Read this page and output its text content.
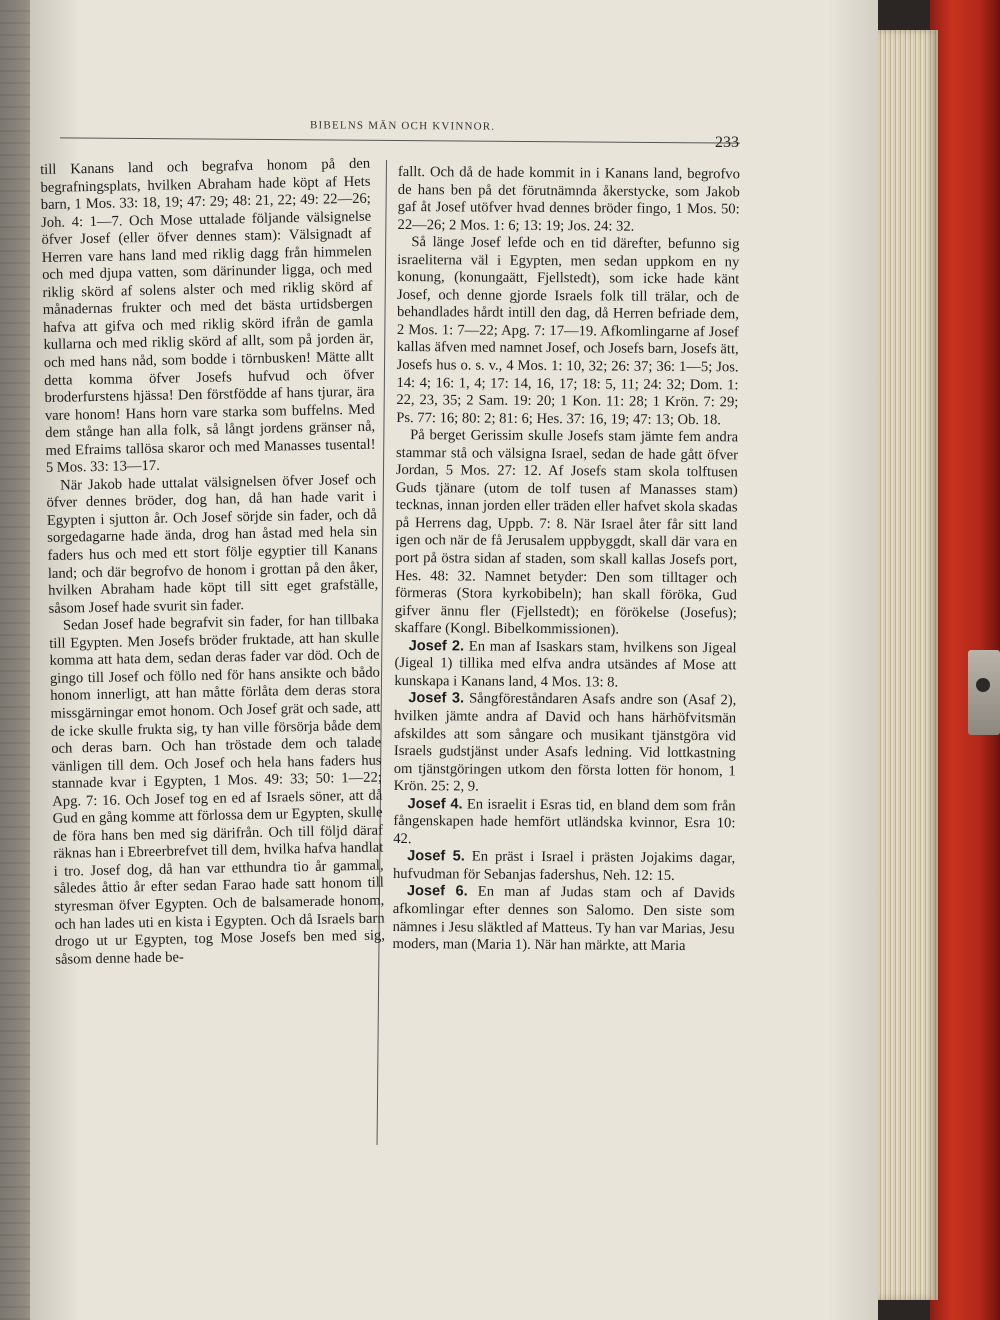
BIBELNS MÄN OCH KVINNOR.
233

till Kanans land och begrafva honom på den begrafningsplats, hvilken Abraham hade köpt af Hets barn, 1 Mos. 33: 18, 19; 47: 29; 48: 21, 22; 49: 22—26; Joh. 4: 1—7. Och Mose uttalade följande välsignelse öfver Josef (eller öfver dennes stam): Välsignadt af Herren vare hans land med riklig dagg från himmelen och med djupa vatten, som därinunder ligga, och med riklig skörd af solens alster och med riklig skörd af månadernas frukter och med det bästa urtidsbergen hafva att gifva och med riklig skörd ifrån de gamla kullarna och med riklig skörd af allt, som på jorden är, och med hans nåd, som bodde i törnbusken! Mätte allt detta komma öfver Josefs hufvud och öfver broderfurstens hjässa! Den förstfödde af hans tjurar, ära vare honom! Hans horn vare starka som buffelns. Med dem stånge han alla folk, så långt jordens gränser nå, med Efraims tallösa skaror och med Manasses tusental! 5 Mos. 33: 13—17.

När Jakob hade uttalat välsignelsen öfver Josef och öfver dennes bröder, dog han, då han hade varit i Egypten i sjutton år. Och Josef sörjde sin fader, och då sorgedagarne hade ända, drog han åstad med hela sin faders hus och med ett stort följe egyptier till Kanans land; och där begrofvo de honom i grottan på den åker, hvilken Abraham hade köpt till sitt eget grafställe, såsom Josef hade svurit sin fader.

Sedan Josef hade begrafvit sin fader, for han tillbaka till Egypten. Men Josefs bröder fruktade, att han skulle komma att hata dem, sedan deras fader var död. Och de gingo till Josef och föllo ned för hans ansikte och bådo honom innerligt, att han måtte förlåta dem deras stora missgärningar emot honom. Och Josef grät och sade, att de icke skulle frukta sig, ty han ville försörja både dem och deras barn. Och han tröstade dem och talade vänligen till dem. Och Josef och hela hans faders hus stannade kvar i Egypten, 1 Mos. 49: 33; 50: 1—22; Apg. 7: 16. Och Josef tog en ed af Israels söner, att då Gud en gång komme att förlossa dem ur Egypten, skulle de föra hans ben med sig därifrån. Och till följd däraf räknas han i Ebreerbrefvet till dem, hvilka hafva handlat i tro. Josef dog, då han var etthundra tio år gammal, således åttio år efter sedan Farao hade satt honom till styresman öfver Egypten. Och de balsamerade honom, och han lades uti en kista i Egypten. Och då Israels barn drogo ut ur Egypten, tog Mose Josefs ben med sig, såsom denne hade be-

fallt. Och då de hade kommit in i Kanans land, begrofvo de hans ben på det förutnämnda åkerstycke, som Jakob gaf åt Josef utöfver hvad dennes bröder fingo, 1 Mos. 50: 22—26; 2 Mos. 1: 6; 13: 19; Jos. 24: 32.

Så länge Josef lefde och en tid därefter, befunno sig israeliterna väl i Egypten, men sedan uppkom en ny konung, (konungaätt, Fjellstedt), som icke hade känt Josef, och denne gjorde Israels folk till trälar, och de behandlades hårdt intill den dag, då Herren befriade dem, 2 Mos. 1: 7—22; Apg. 7: 17—19. Afkomlingarne af Josef kallas äfven med namnet Josef, och Josefs barn, Josefs ätt, Josefs hus o. s. v., 4 Mos. 1: 10, 32; 26: 37; 36: 1—5; Jos. 14: 4; 16: 1, 4; 17: 14, 16, 17; 18: 5, 11; 24: 32; Dom. 1: 22, 23, 35; 2 Sam. 19: 20; 1 Kon. 11: 28; 1 Krön. 7: 29; Ps. 77: 16; 80: 2; 81: 6; Hes. 37: 16, 19; 47: 13; Ob. 18.

På berget Gerissim skulle Josefs stam jämte fem andra stammar stå och välsigna Israel, sedan de hade gått öfver Jordan, 5 Mos. 27: 12. Af Josefs stam skola tolftusen Guds tjänare (utom de tolf tusen af Manasses stam) tecknas, innan jorden eller träden eller hafvet skola skadas på Herrens dag, Uppb. 7: 8. När Israel åter får sitt land igen och när de få Jerusalem uppbyggdt, skall där vara en port på östra sidan af staden, som skall kallas Josefs port, Hes. 48: 32. Namnet betyder: Den som tilltager och förmeras (Stora kyrkobibeln); han skall föröka, Gud gifver ännu fler (Fjellstedt); en förökelse (Josefus); skaffare (Kongl. Bibelkommissionen).

Josef 2. En man af Isaskars stam, hvilkens son Jigeal (Jigeal 1) tillika med elfva andra utsändes af Mose att kunskapa i Kanans land, 4 Mos. 13: 8.

Josef 3. Sångföreståndaren Asafs andre son (Asaf 2), hvilken jämte andra af David och hans härhöfvitsmän afskildes att som sångare och musikant tjänstgöra vid Israels gudstjänst under Asafs ledning. Vid lottkastning om tjänstgöringen utkom den första lotten för honom, 1 Krön. 25: 2, 9.

Josef 4. En israelit i Esras tid, en bland dem som från fångenskapen hade hemfört utländska kvinnor, Esra 10: 42.

Josef 5. En präst i Israel i prästen Jojakims dagar, hufvudman för Sebanjas fadershus, Neh. 12: 15.

Josef 6. En man af Judas stam och af Davids afkomlingar efter dennes son Salomo. Den siste som nämnes i Jesu släktled af Matteus. Ty han var Marias, Jesu moders, man (Maria 1). När han märkte, att Maria
